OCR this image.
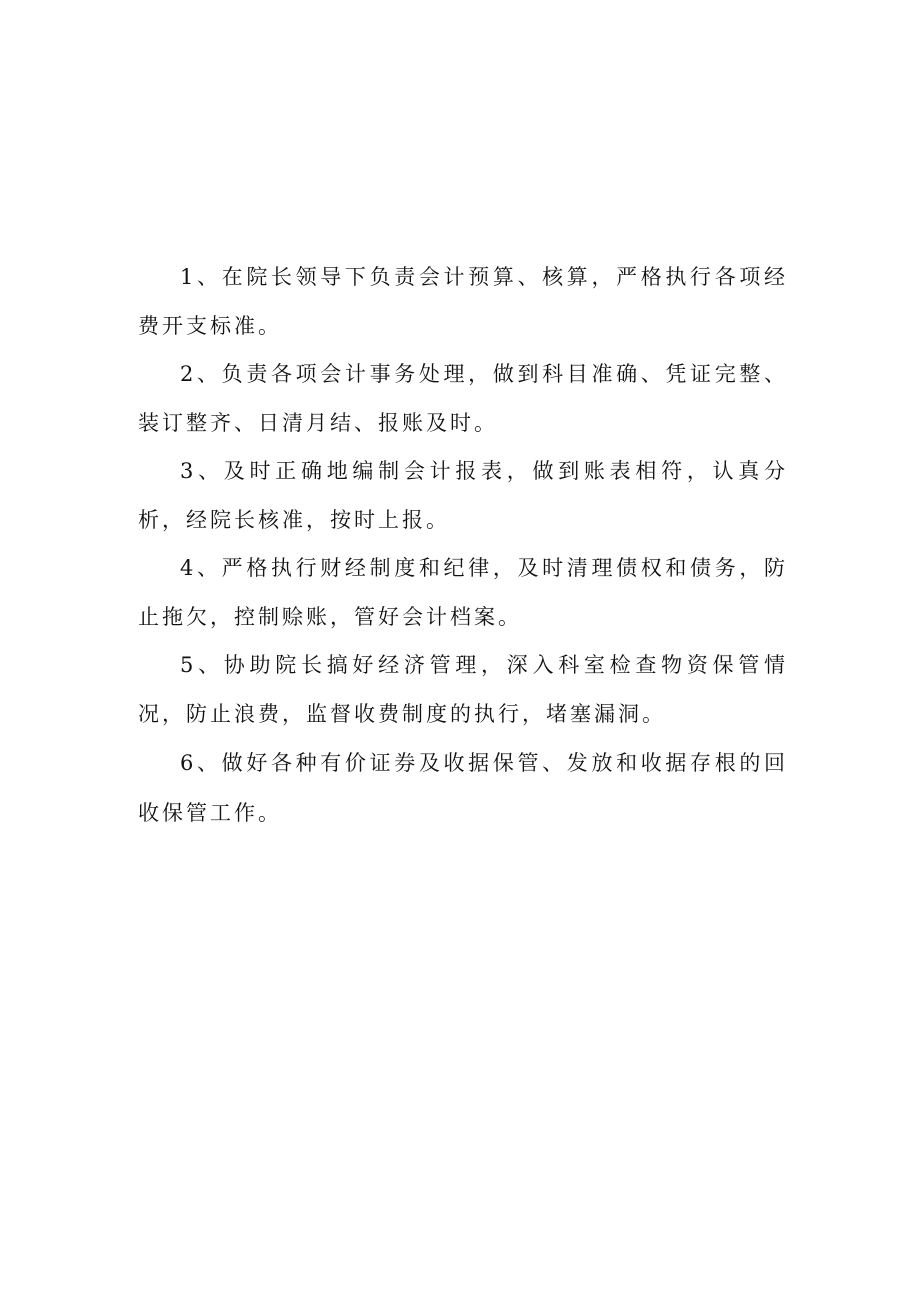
1、在院长领导下负责会计预算、核算，严格执行各项经费开支标准。

2、负责各项会计事务处理，做到科目准确、凭证完整、装订整齐、日清月结、报账及时。

3、及时正确地编制会计报表，做到账表相符，认真分析，经院长核准，按时上报。

4、严格执行财经制度和纪律，及时清理债权和债务，防止拖欠，控制赊账，管好会计档案。

5、协助院长搞好经济管理，深入科室检查物资保管情况，防止浪费，监督收费制度的执行，堵塞漏洞。

6、做好各种有价证券及收据保管、发放和收据存根的回收保管工作。
